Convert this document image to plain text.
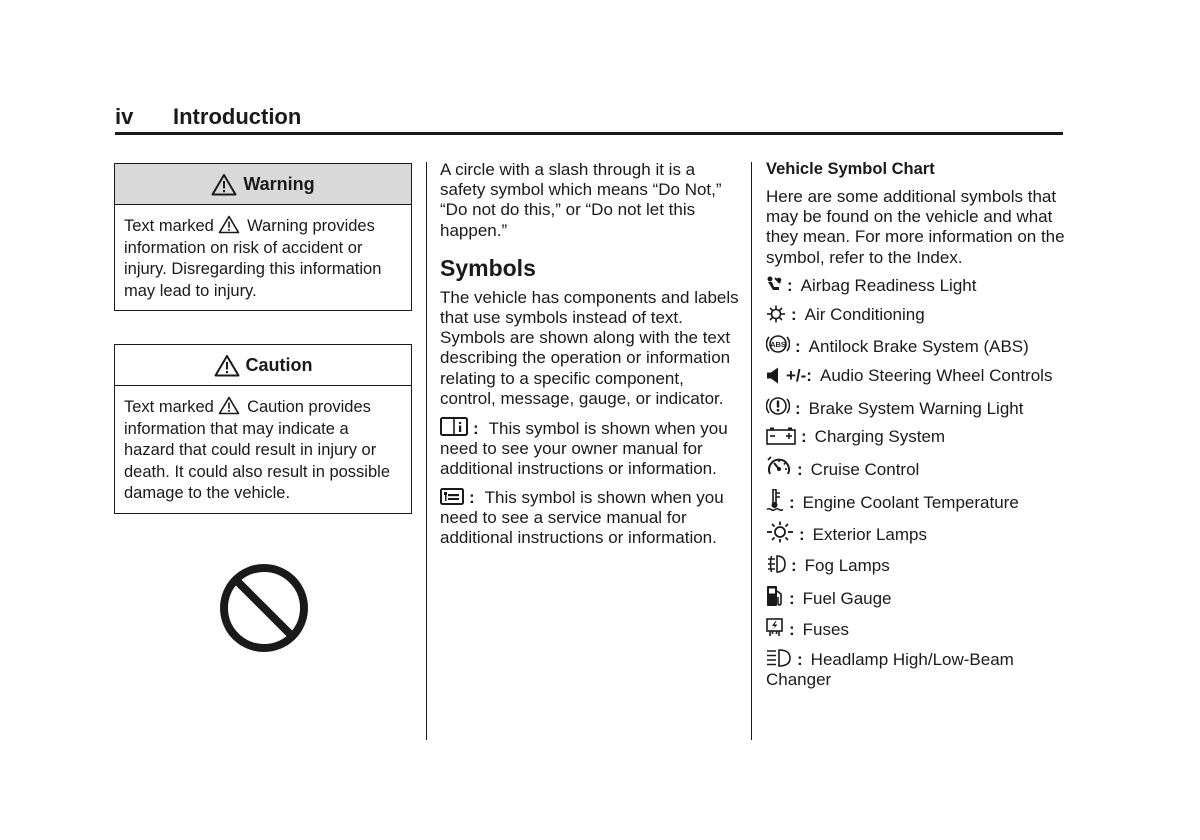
iv	Introduction
Warning
Text marked Warning provides information on risk of accident or injury. Disregarding this information may lead to injury.
Caution
Text marked Caution provides information that may indicate a hazard that could result in injury or death. It could also result in possible damage to the vehicle.

A circle with a slash through it is a safety symbol which means “Do Not,” “Do not do this,” or “Do not let this happen.”

Symbols

The vehicle has components and labels that use symbols instead of text. Symbols are shown along with the text describing the operation or information relating to a specific component, control, message, gauge, or indicator.

: This symbol is shown when you need to see your owner manual for additional instructions or information.

: This symbol is shown when you need to see a service manual for additional instructions or information.

Vehicle Symbol Chart

Here are some additional symbols that may be found on the vehicle and what they mean. For more information on the symbol, refer to the Index.

: Airbag Readiness Light
: Air Conditioning
ABS : Antilock Brake System (ABS)
+/-: Audio Steering Wheel Controls
: Brake System Warning Light
: Charging System
: Cruise Control
: Engine Coolant Temperature
: Exterior Lamps
: Fog Lamps
: Fuel Gauge
: Fuses
: Headlamp High/Low-Beam Changer
